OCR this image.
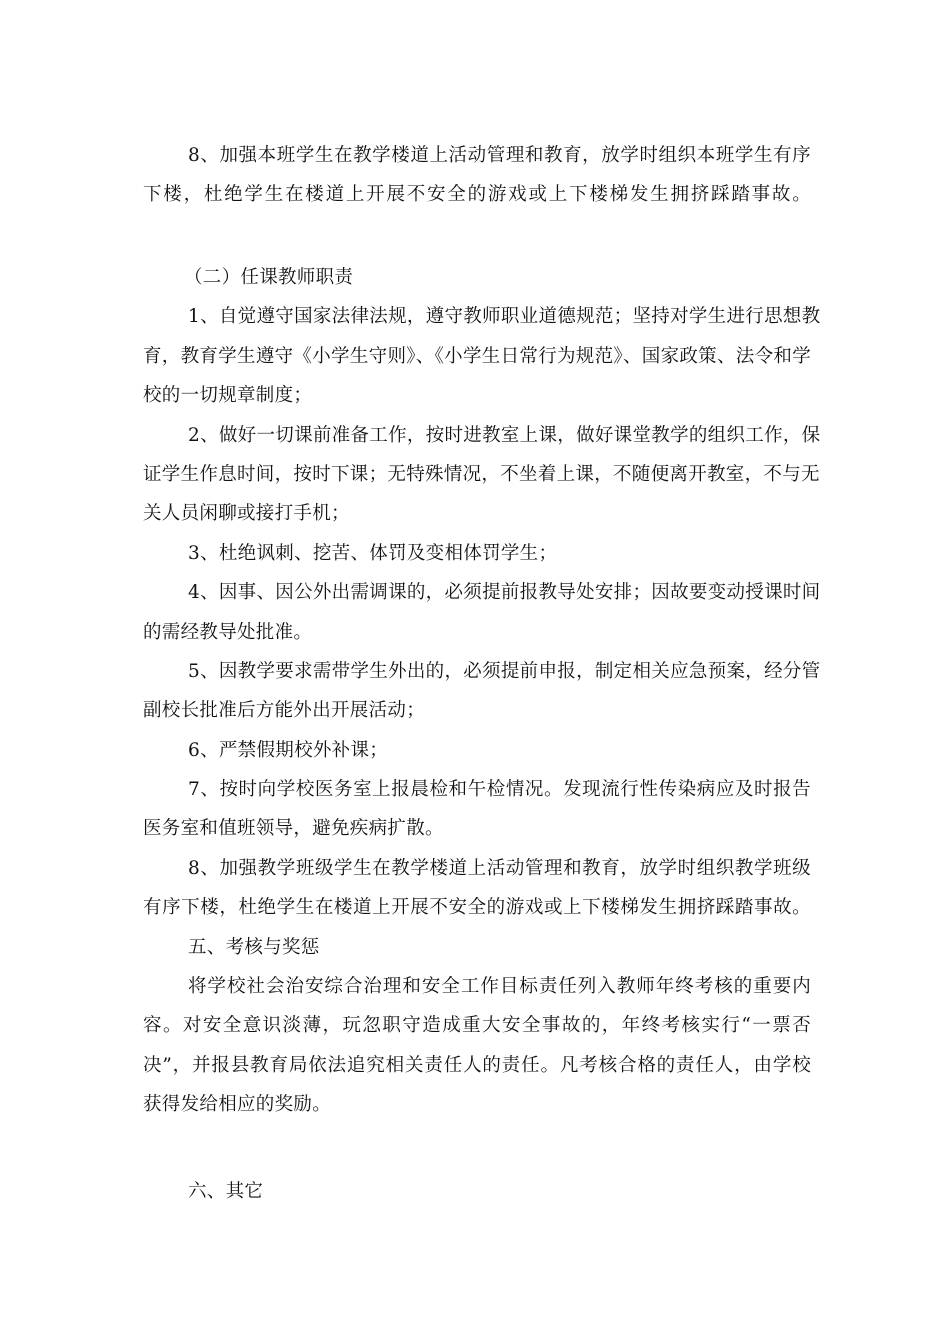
8、加强本班学生在教学楼道上活动管理和教育，放学时组织本班学生有序
下楼，杜绝学生在楼道上开展不安全的游戏或上下楼梯发生拥挤踩踏事故。
（二）任课教师职责
1、自觉遵守国家法律法规，遵守教师职业道德规范；坚持对学生进行思想教
育，教育学生遵守《小学生守则》、《小学生日常行为规范》、国家政策、法令和学
校的一切规章制度；
2、做好一切课前准备工作，按时进教室上课，做好课堂教学的组织工作，保
证学生作息时间，按时下课；无特殊情况，不坐着上课，不随便离开教室，不与无
关人员闲聊或接打手机；
3、杜绝讽刺、挖苦、体罚及变相体罚学生；
4、因事、因公外出需调课的，必须提前报教导处安排；因故要变动授课时间
的需经教导处批准。
5、因教学要求需带学生外出的，必须提前申报，制定相关应急预案，经分管
副校长批准后方能外出开展活动；
6、严禁假期校外补课；
7、按时向学校医务室上报晨检和午检情况。发现流行性传染病应及时报告
医务室和值班领导，避免疾病扩散。
8、加强教学班级学生在教学楼道上活动管理和教育，放学时组织教学班级
有序下楼，杜绝学生在楼道上开展不安全的游戏或上下楼梯发生拥挤踩踏事故。
五、考核与奖惩
将学校社会治安综合治理和安全工作目标责任列入教师年终考核的重要内
容。对安全意识淡薄，玩忽职守造成重大安全事故的，年终考核实行“一票否
决”，并报县教育局依法追究相关责任人的责任。凡考核合格的责任人，由学校
获得发给相应的奖励。
六、其它
